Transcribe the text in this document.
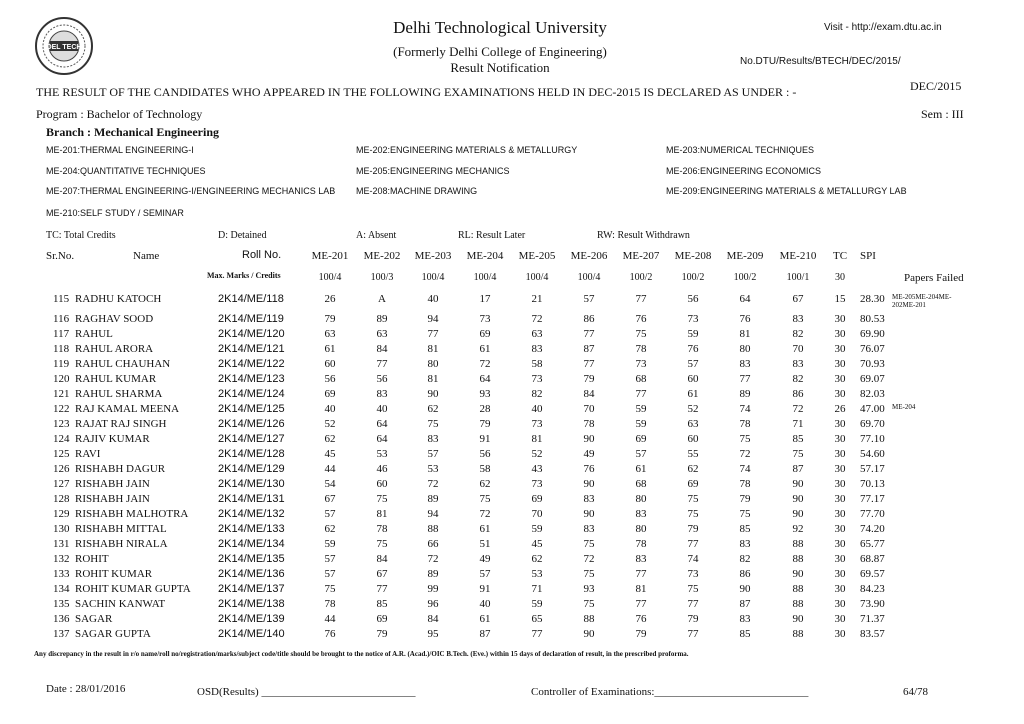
DEL TECH
Delhi Technological University
(Formerly Delhi College of Engineering)
Result Notification
Visit - http://exam.dtu.ac.in
No.DTU/Results/BTECH/DEC/2015/
DEC/2015
THE RESULT OF THE CANDIDATES WHO APPEARED IN THE FOLLOWING EXAMINATIONS HELD IN DEC-2015 IS DECLARED AS UNDER : -
Program : Bachelor of Technology	Sem : III
Branch : Mechanical Engineering
ME-201:THERMAL ENGINEERING-I	ME-202:ENGINEERING MATERIALS & METALLURGY	ME-203:NUMERICAL TECHNIQUES
ME-204:QUANTITATIVE TECHNIQUES	ME-205:ENGINEERING MECHANICS	ME-206:ENGINEERING ECONOMICS
ME-207:THERMAL ENGINEERING-I/ENGINEERING MECHANICS LAB	ME-208:MACHINE DRAWING	ME-209:ENGINEERING MATERIALS & METALLURGY LAB
ME-210:SELF STUDY / SEMINAR
TC: Total Credits	D: Detained	A: Absent	RL: Result Later	RW: Result Withdrawn
Sr.No.	Name	Roll No.	ME-201 ME-202 ME-203 ME-204 ME-205 ME-206 ME-207 ME-208 ME-209 ME-210 TC SPI
Max. Marks / Credits	100/4	100/3	100/4	100/4	100/4	100/4	100/2	100/2	100/2	100/1	30	Papers Failed
115 RADHU KATOCH	2K14/ME/118	26	A	40	17	21	57	77	56	64	67	15	28.30 ME-205ME-204ME-202ME-201
116 RAGHAV SOOD	2K14/ME/119	79	89	94	73	72	86	76	73	76	83	30	80.53
117 RAHUL	2K14/ME/120	63	63	77	69	63	77	75	59	81	82	30	69.90
118 RAHUL ARORA	2K14/ME/121	61	84	81	61	83	87	78	76	80	70	30	76.07
119 RAHUL CHAUHAN	2K14/ME/122	60	77	80	72	58	77	73	57	83	83	30	70.93
120 RAHUL KUMAR	2K14/ME/123	56	56	81	64	73	79	68	60	77	82	30	69.07
121 RAHUL SHARMA	2K14/ME/124	69	83	90	93	82	84	77	61	89	86	30	82.03
122 RAJ KAMAL MEENA	2K14/ME/125	40	40	62	28	40	70	59	52	74	72	26	47.00 ME-204
123 RAJAT RAJ SINGH	2K14/ME/126	52	64	75	79	73	78	59	63	78	71	30	69.70
124 RAJIV KUMAR	2K14/ME/127	62	64	83	91	81	90	69	60	75	85	30	77.10
125 RAVI	2K14/ME/128	45	53	57	56	52	49	57	55	72	75	30	54.60
126 RISHABH DAGUR	2K14/ME/129	44	46	53	58	43	76	61	62	74	87	30	57.17
127 RISHABH JAIN	2K14/ME/130	54	60	72	62	73	90	68	69	78	90	30	70.13
128 RISHABH JAIN	2K14/ME/131	67	75	89	75	69	83	80	75	79	90	30	77.17
129 RISHABH MALHOTRA	2K14/ME/132	57	81	94	72	70	90	83	75	75	90	30	77.70
130 RISHABH MITTAL	2K14/ME/133	62	78	88	61	59	83	80	79	85	92	30	74.20
131 RISHABH NIRALA	2K14/ME/134	59	75	66	51	45	75	78	77	83	88	30	65.77
132 ROHIT	2K14/ME/135	57	84	72	49	62	72	83	74	82	88	30	68.87
133 ROHIT KUMAR	2K14/ME/136	57	67	89	57	53	75	77	73	86	90	30	69.57
134 ROHIT KUMAR GUPTA 2K14/ME/137	75	77	99	91	71	93	81	75	90	88	30	84.23
135 SACHIN KANWAT	2K14/ME/138	78	85	96	40	59	75	77	77	87	88	30	73.90
136 SAGAR	2K14/ME/139	44	69	84	61	65	88	76	79	83	90	30	71.37
137 SAGAR GUPTA	2K14/ME/140	76	79	95	87	77	90	79	77	85	88	30	83.57
Any discrepancy in the result in r/o name/roll no/registration/marks/subject code/title should be brought to the notice of A.R. (Acad.)/OIC B.Tech. (Eve.) within 15 days of declaration of result, in the prescribed proforma.
Date : 28/01/2016	OSD(Results) ____________________________	Controller of Examinations:____________________________	64/78
